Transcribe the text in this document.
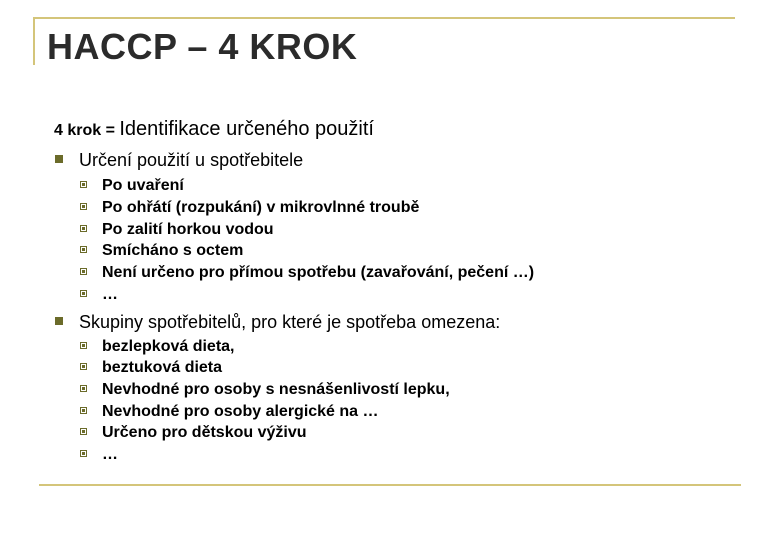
HACCP – 4 KROK
4 krok = Identifikace určeného použití
Určení použití u spotřebitele
Po uvaření
Po ohřátí (rozpukání) v mikrovlnné troubě
Po zalití horkou vodou
Smícháno s octem
Není určeno pro přímou spotřebu (zavařování, pečení …)
…
Skupiny spotřebitelů, pro které je spotřeba omezena:
bezlepková dieta,
beztuková dieta
Nevhodné pro osoby s nesnášenlivostí lepku,
Nevhodné pro osoby alergické na …
Určeno pro dětskou výživu
…
